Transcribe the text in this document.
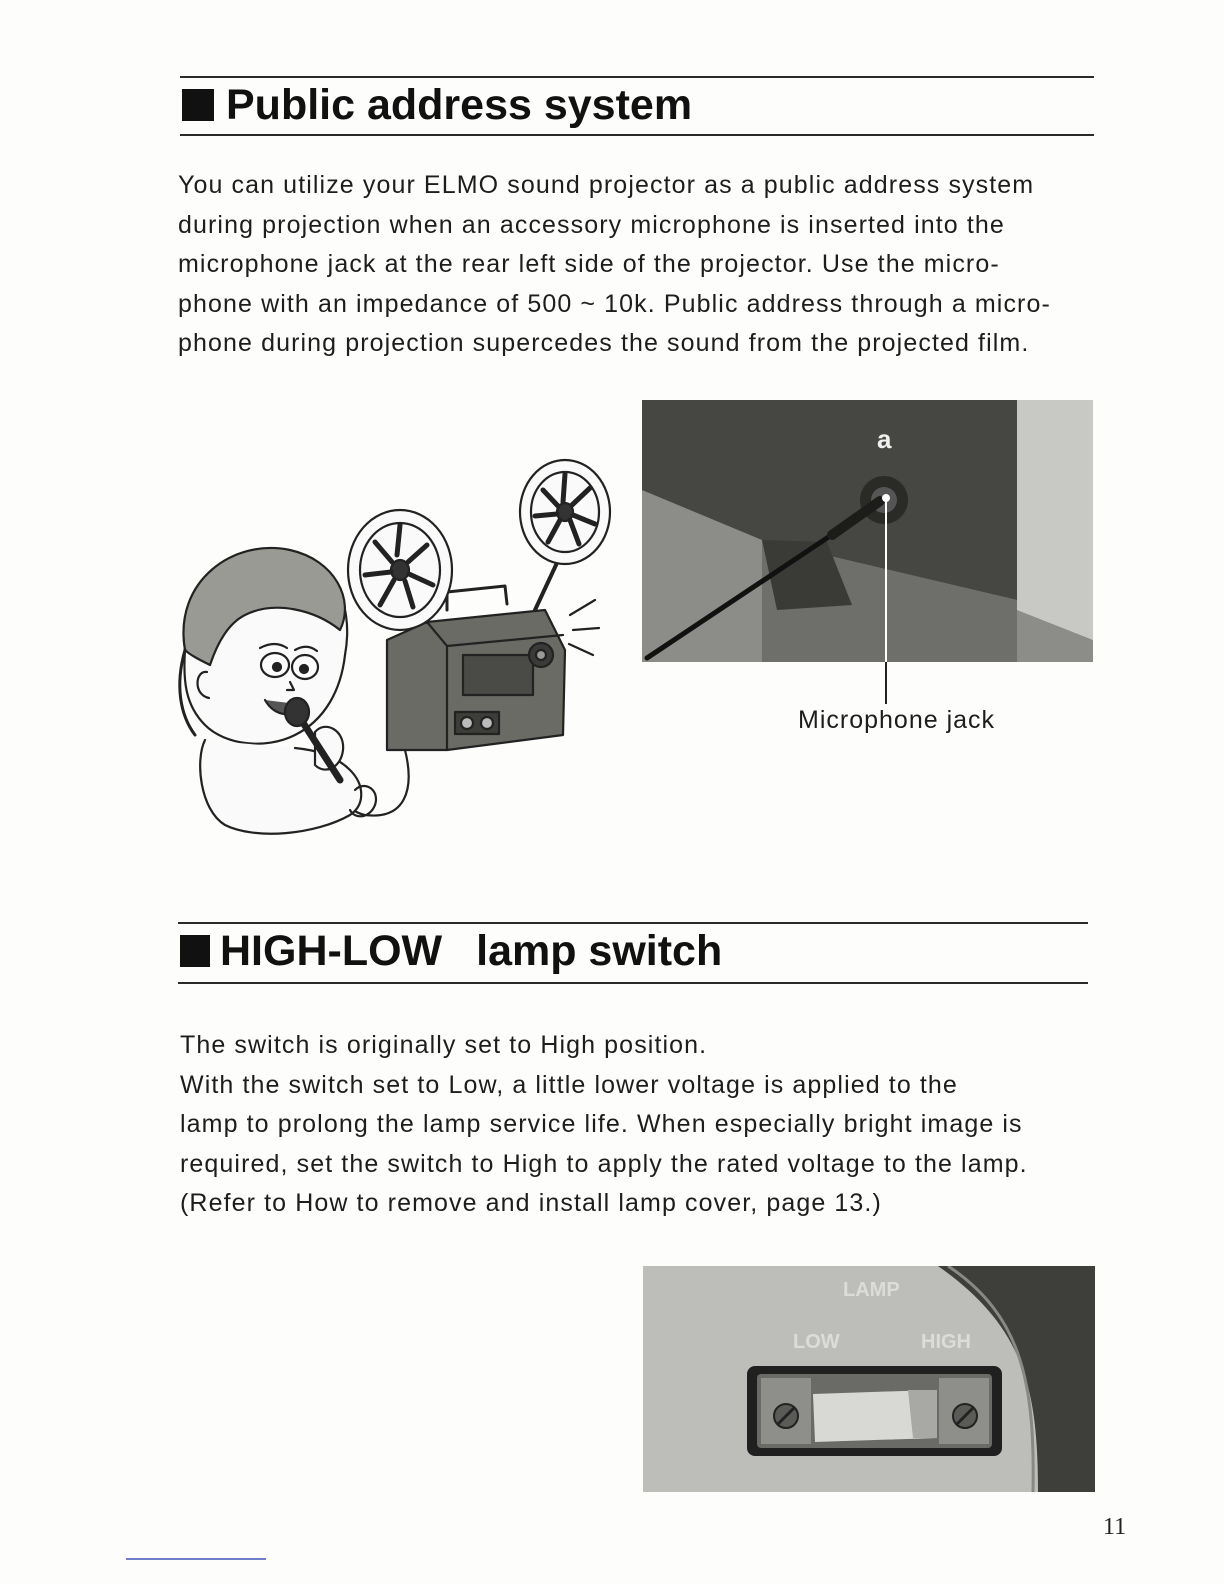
Public address system
You can utilize your ELMO sound projector as a public address system
during projection when an accessory microphone is inserted into the
microphone jack at the rear left side of the projector. Use the micro-
phone with an impedance of 500 ~ 10k. Public address through a micro-
phone during projection supercedes the sound from the projected film.
a
Microphone jack
HIGH-LOW lamp switch
The switch is originally set to High position.
With the switch set to Low, a little lower voltage is applied to the
lamp to prolong the lamp service life. When especially bright image is
required, set the switch to High to apply the rated voltage to the lamp.
(Refer to How to remove and install lamp cover, page 13.)
LAMP
LOW	HIGH
11
